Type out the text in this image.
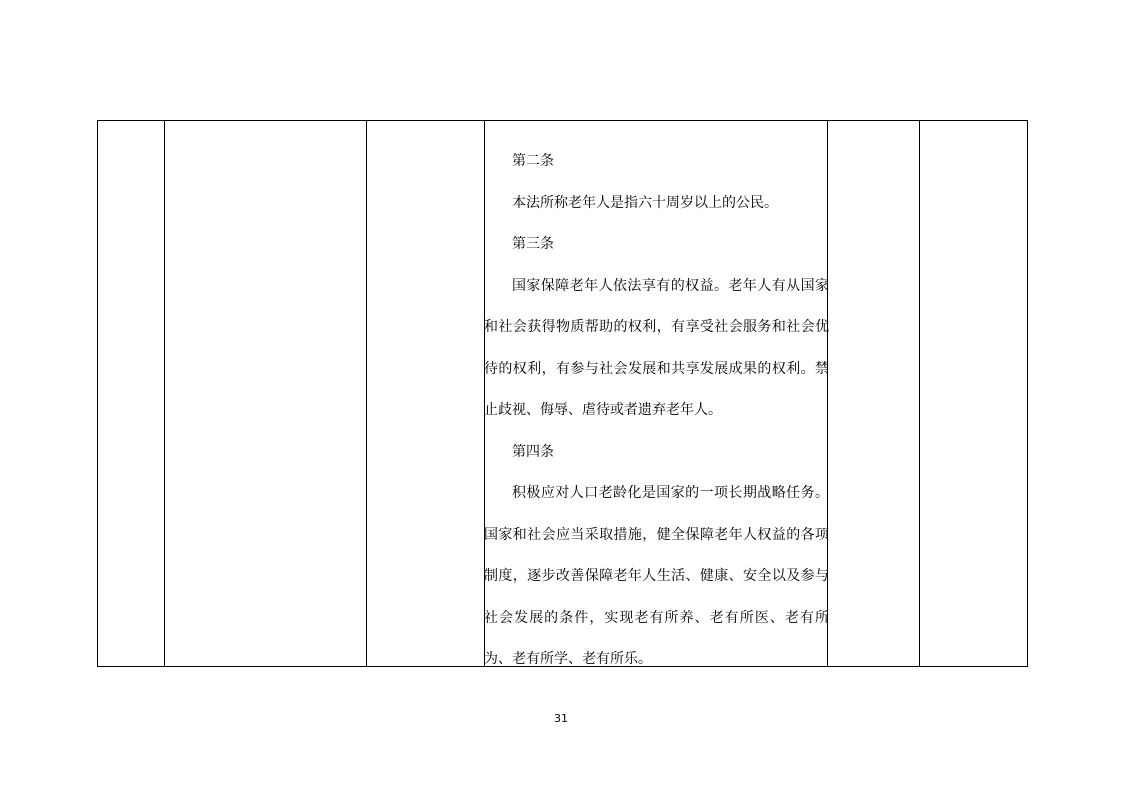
第二条

本法所称老年人是指六十周岁以上的公民。

第三条

国家保障老年人依法享有的权益。老年人有从国家和社会获得物质帮助的权利，有享受社会服务和社会优待的权利，有参与社会发展和共享发展成果的权利。禁止歧视、侮辱、虐待或者遗弃老年人。

第四条

积极应对人口老龄化是国家的一项长期战略任务。国家和社会应当采取措施，健全保障老年人权益的各项制度，逐步改善保障老年人生活、健康、安全以及参与社会发展的条件，实现老有所养、老有所医、老有所为、老有所学、老有所乐。

31
